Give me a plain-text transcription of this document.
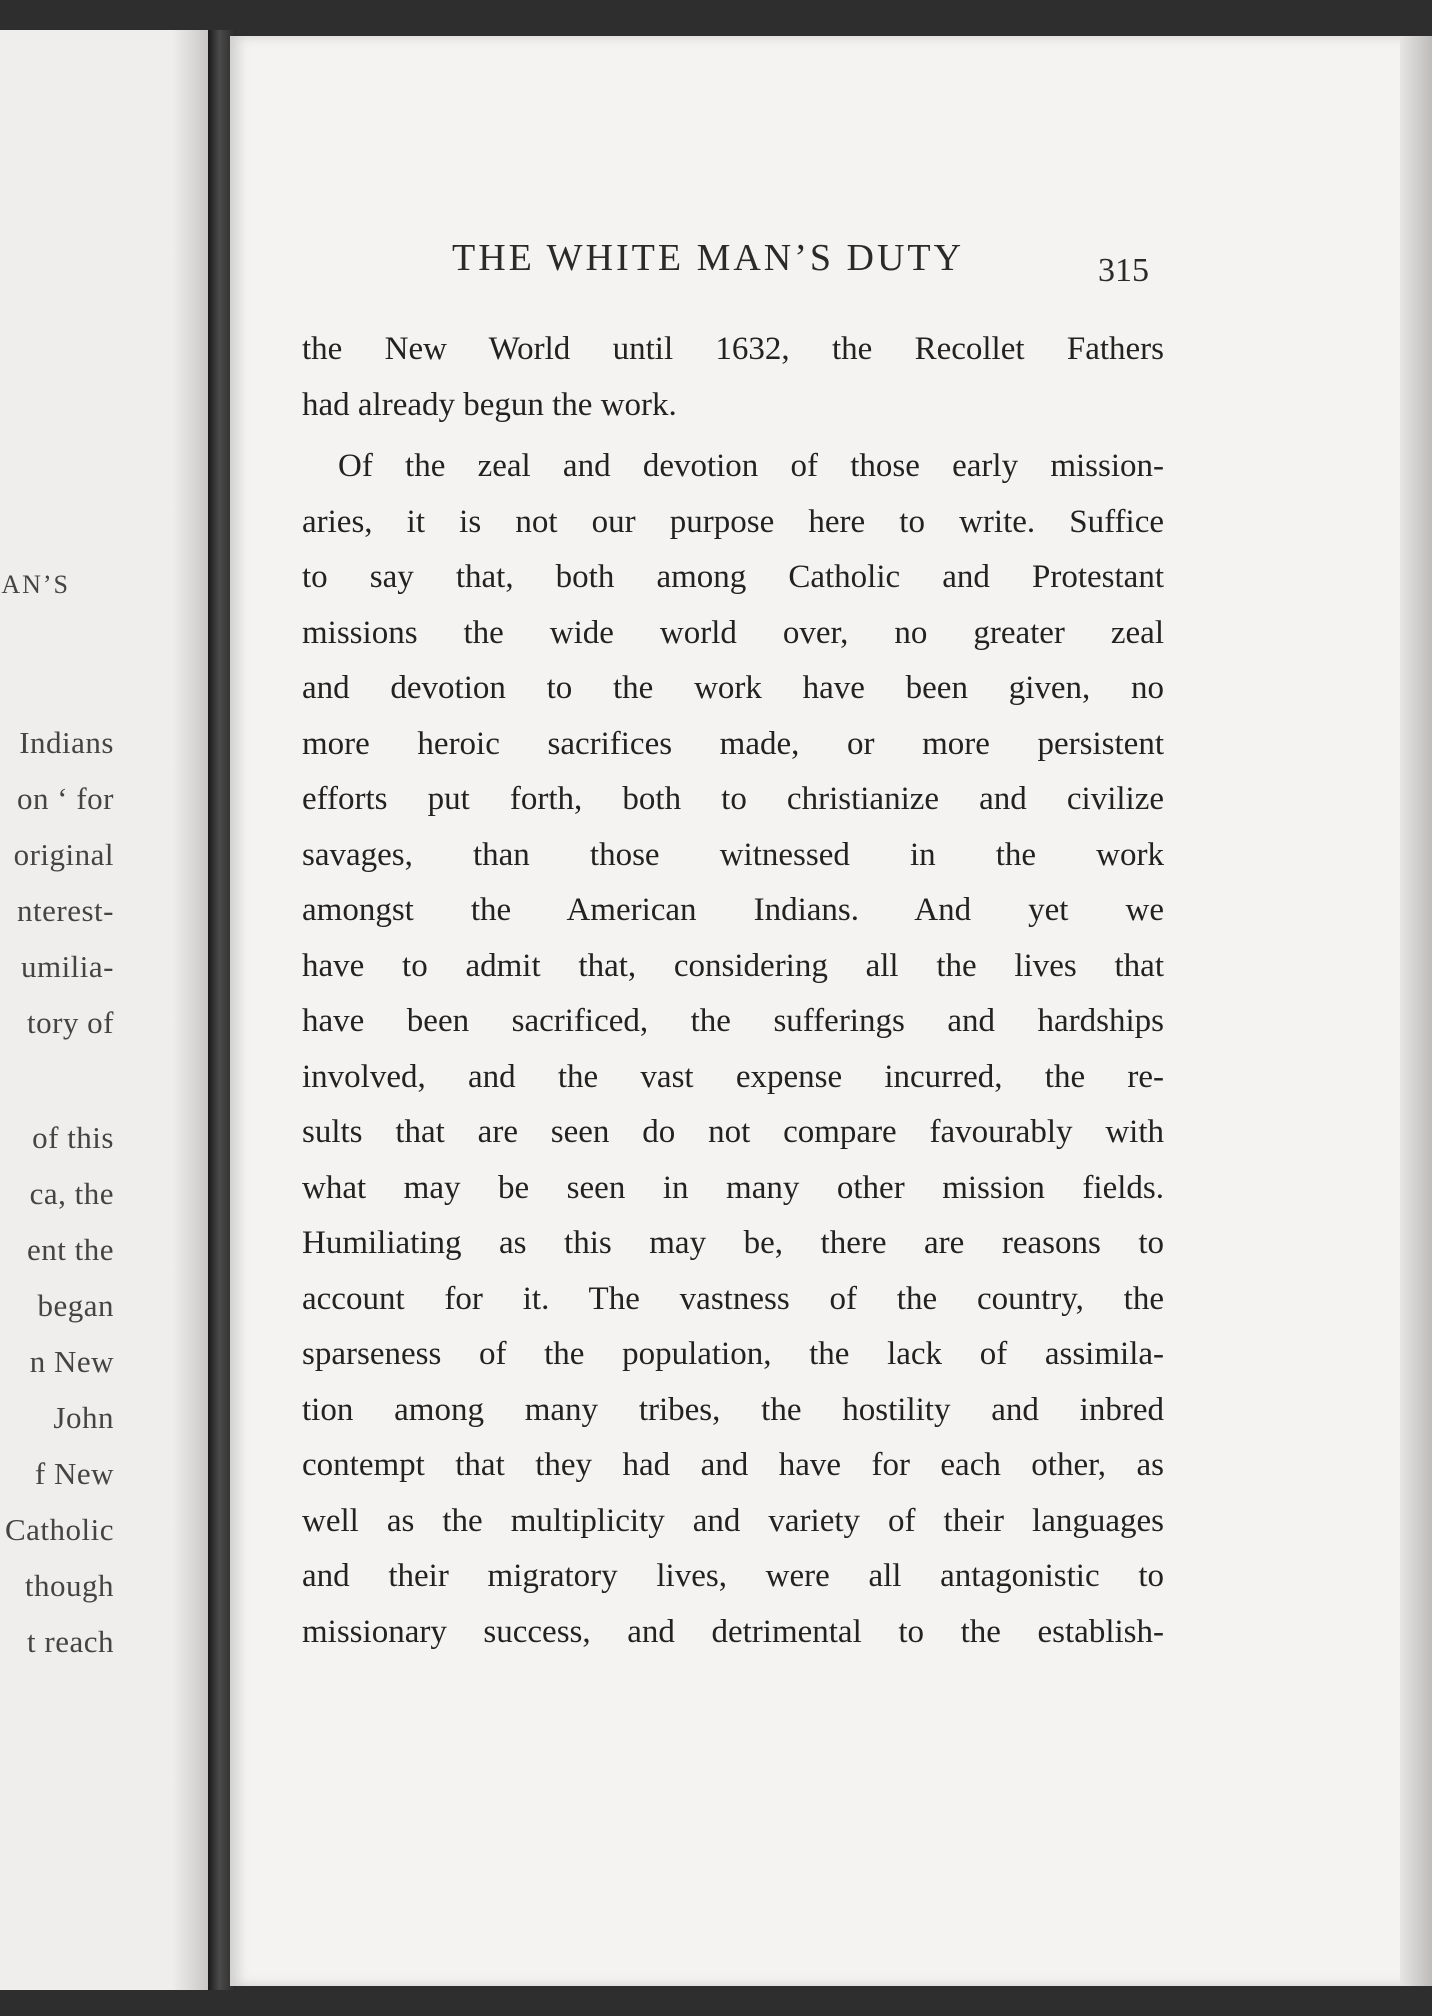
AN’S
Indians
on ‘ for
original
nterest-
umilia-
tory of
of this
ca, the
ent the
began
n New
John
f New
Catholic
though
t reach
THE WHITE MAN’S DUTY	315
the New World until 1632, the Recollet Fathers
had already begun the work.
Of the zeal and devotion of those early mission-
aries, it is not our purpose here to write. Suffice
to say that, both among Catholic and Protestant
missions the wide world over, no greater zeal
and devotion to the work have been given, no
more heroic sacrifices made, or more persistent
efforts put forth, both to christianize and civilize
savages, than those witnessed in the work
amongst the American Indians. And yet we
have to admit that, considering all the lives that
have been sacrificed, the sufferings and hardships
involved, and the vast expense incurred, the re-
sults that are seen do not compare favourably with
what may be seen in many other mission fields.
Humiliating as this may be, there are reasons to
account for it. The vastness of the country, the
sparseness of the population, the lack of assimila-
tion among many tribes, the hostility and inbred
contempt that they had and have for each other, as
well as the multiplicity and variety of their languages
and their migratory lives, were all antagonistic to
missionary success, and detrimental to the establish-
